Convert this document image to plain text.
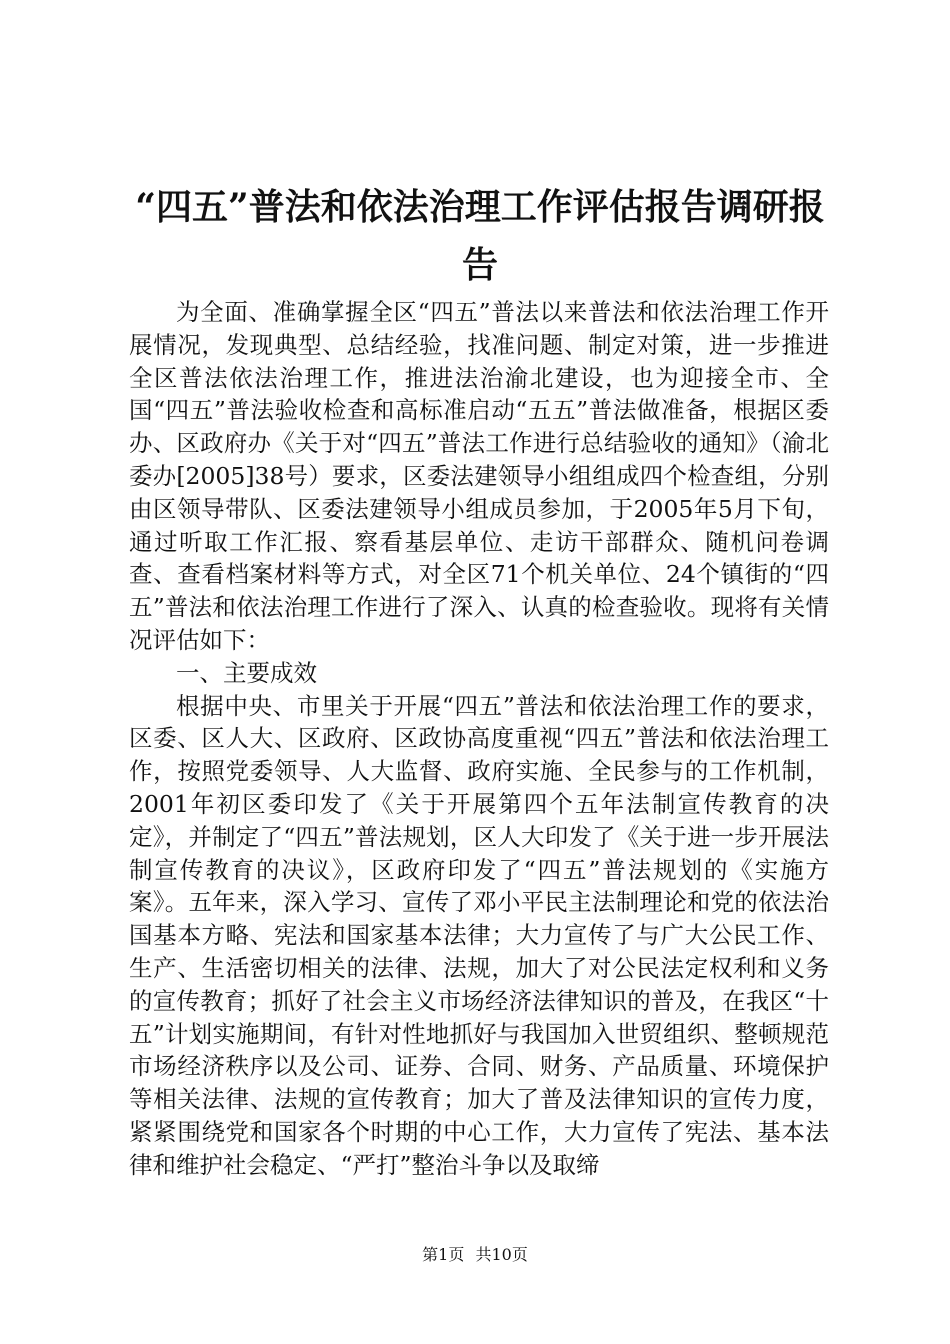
“四五”普法和依法治理工作评估报告调研报告

为全面、准确掌握全区“四五”普法以来普法和依法治理工作开展情况，发现典型、总结经验，找准问题、制定对策，进一步推进全区普法依法治理工作，推进法治渝北建设，也为迎接全市、全国“四五”普法验收检查和高标准启动“五五”普法做准备，根据区委办、区政府办《关于对“四五”普法工作进行总结验收的通知》（渝北委办[2005]38号）要求，区委法建领导小组组成四个检查组，分别由区领导带队、区委法建领导小组成员参加，于2005年5月下旬，通过听取工作汇报、察看基层单位、走访干部群众、随机问卷调查、查看档案材料等方式，对全区71个机关单位、24个镇街的“四五”普法和依法治理工作进行了深入、认真的检查验收。现将有关情况评估如下：

一、主要成效

根据中央、市里关于开展“四五”普法和依法治理工作的要求，区委、区人大、区政府、区政协高度重视“四五”普法和依法治理工作，按照党委领导、人大监督、政府实施、全民参与的工作机制，2001年初区委印发了《关于开展第四个五年法制宣传教育的决定》，并制定了“四五”普法规划，区人大印发了《关于进一步开展法制宣传教育的决议》，区政府印发了“四五”普法规划的《实施方案》。五年来，深入学习、宣传了邓小平民主法制理论和党的依法治国基本方略、宪法和国家基本法律；大力宣传了与广大公民工作、生产、生活密切相关的法律、法规，加大了对公民法定权利和义务的宣传教育；抓好了社会主义市场经济法律知识的普及，在我区“十五”计划实施期间，有针对性地抓好与我国加入世贸组织、整顿规范市场经济秩序以及公司、证券、合同、财务、产品质量、环境保护等相关法律、法规的宣传教育；加大了普及法律知识的宣传力度，紧紧围绕党和国家各个时期的中心工作，大力宣传了宪法、基本法律和维护社会稳定、“严打”整治斗争以及取缔

第1页 共10页
